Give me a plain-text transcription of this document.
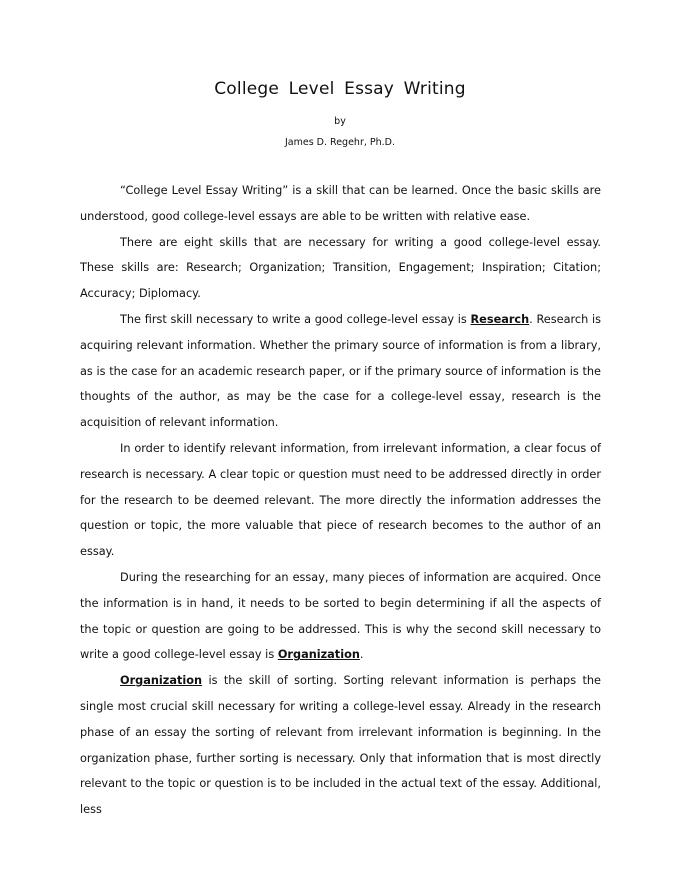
College Level Essay Writing

by

James D. Regehr, Ph.D.

“College Level Essay Writing” is a skill that can be learned. Once the basic skills are understood, good college-level essays are able to be written with relative ease.

There are eight skills that are necessary for writing a good college-level essay. These skills are: Research; Organization; Transition, Engagement; Inspiration; Citation; Accuracy; Diplomacy.

The first skill necessary to write a good college-level essay is Research. Research is acquiring relevant information. Whether the primary source of information is from a library, as is the case for an academic research paper, or if the primary source of information is the thoughts of the author, as may be the case for a college-level essay, research is the acquisition of relevant information.

In order to identify relevant information, from irrelevant information, a clear focus of research is necessary. A clear topic or question must need to be addressed directly in order for the research to be deemed relevant. The more directly the information addresses the question or topic, the more valuable that piece of research becomes to the author of an essay.

During the researching for an essay, many pieces of information are acquired. Once the information is in hand, it needs to be sorted to begin determining if all the aspects of the topic or question are going to be addressed. This is why the second skill necessary to write a good college-level essay is Organization.

Organization is the skill of sorting. Sorting relevant information is perhaps the single most crucial skill necessary for writing a college-level essay. Already in the research phase of an essay the sorting of relevant from irrelevant information is beginning. In the organization phase, further sorting is necessary. Only that information that is most directly relevant to the topic or question is to be included in the actual text of the essay. Additional, less
